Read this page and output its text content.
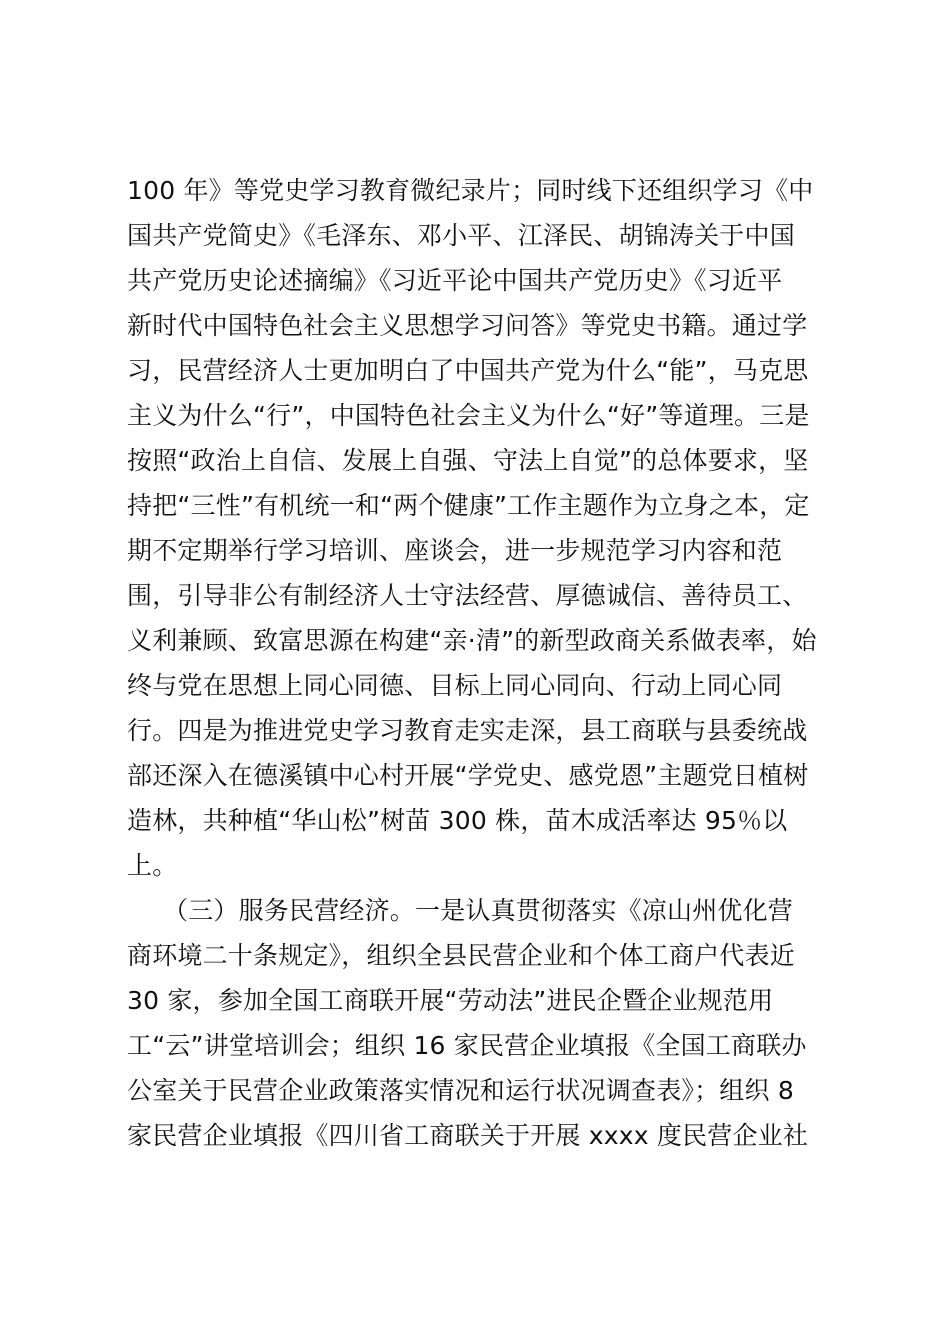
100 年》等党史学习教育微纪录片；同时线下还组织学习《中
国共产党简史》《毛泽东、邓小平、江泽民、胡锦涛关于中国
共产党历史论述摘编》《习近平论中国共产党历史》《习近平
新时代中国特色社会主义思想学习问答》等党史书籍。通过学
习，民营经济人士更加明白了中国共产党为什么“能”，马克思
主义为什么“行”，中国特色社会主义为什么“好”等道理。三是
按照“政治上自信、发展上自强、守法上自觉”的总体要求，坚
持把“三性”有机统一和“两个健康”工作主题作为立身之本，定
期不定期举行学习培训、座谈会，进一步规范学习内容和范
围，引导非公有制经济人士守法经营、厚德诚信、善待员工、
义利兼顾、致富思源在构建“亲·清”的新型政商关系做表率，始
终与党在思想上同心同德、目标上同心同向、行动上同心同
行。四是为推进党史学习教育走实走深，县工商联与县委统战
部还深入在德溪镇中心村开展“学党史、感党恩”主题党日植树
造林，共种植“华山松”树苗 300 株，苗木成活率达 95％以
上。
（三）服务民营经济。一是认真贯彻落实《凉山州优化营
商环境二十条规定》，组织全县民营企业和个体工商户代表近
30 家，参加全国工商联开展“劳动法”进民企暨企业规范用
工“云”讲堂培训会；组织 16 家民营企业填报《全国工商联办
公室关于民营企业政策落实情况和运行状况调查表》；组织 8
家民营企业填报《四川省工商联关于开展 xxxx 度民营企业社
